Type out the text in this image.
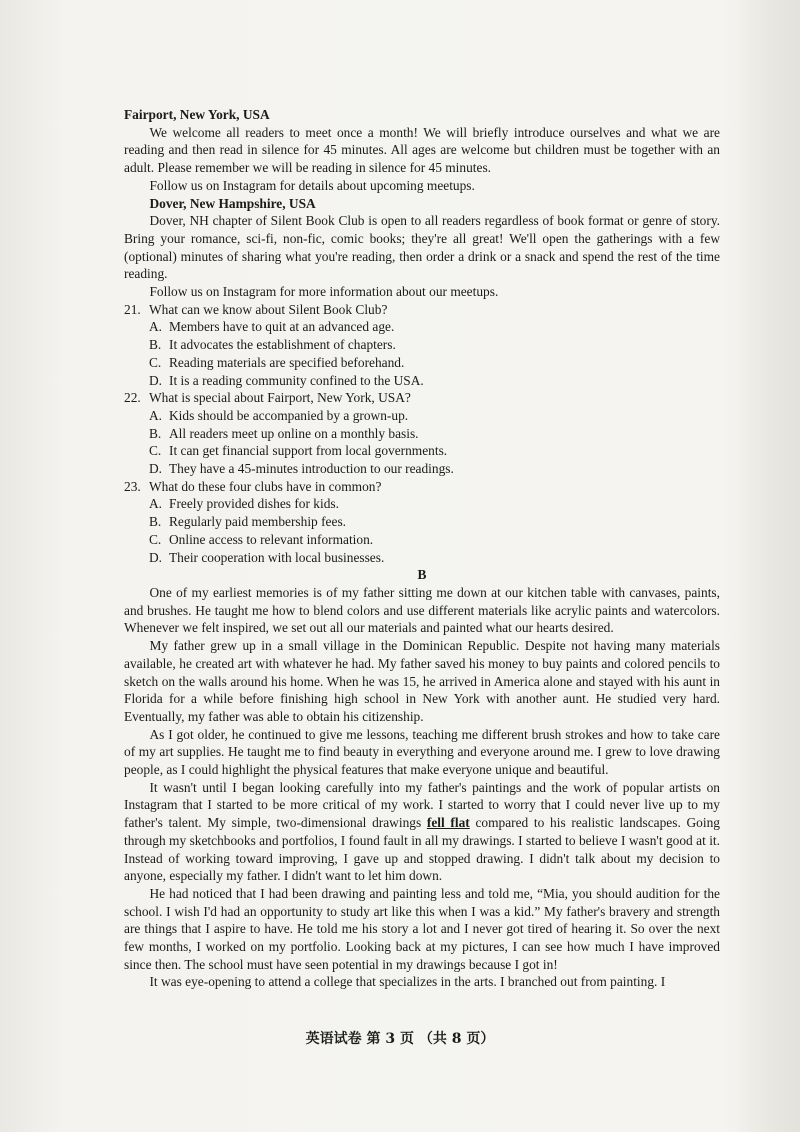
Fairport, New York, USA

We welcome all readers to meet once a month! We will briefly introduce ourselves and what we are reading and then read in silence for 45 minutes. All ages are welcome but children must be together with an adult. Please remember we will be reading in silence for 45 minutes.

Follow us on Instagram for details about upcoming meetups.

Dover, New Hampshire, USA

Dover, NH chapter of Silent Book Club is open to all readers regardless of book format or genre of story. Bring your romance, sci-fi, non-fic, comic books; they're all great! We'll open the gatherings with a few (optional) minutes of sharing what you're reading, then order a drink or a snack and spend the rest of the time reading.

Follow us on Instagram for more information about our meetups.

21. What can we know about Silent Book Club?

A. Members have to quit at an advanced age.

B. It advocates the establishment of chapters.

C. Reading materials are specified beforehand.

D. It is a reading community confined to the USA.

22. What is special about Fairport, New York, USA?

A. Kids should be accompanied by a grown-up.

B. All readers meet up online on a monthly basis.

C. It can get financial support from local governments.

D. They have a 45-minutes introduction to our readings.

23. What do these four clubs have in common?

A. Freely provided dishes for kids.

B. Regularly paid membership fees.

C. Online access to relevant information.

D. Their cooperation with local businesses.

B

One of my earliest memories is of my father sitting me down at our kitchen table with canvases, paints, and brushes. He taught me how to blend colors and use different materials like acrylic paints and watercolors. Whenever we felt inspired, we set out all our materials and painted what our hearts desired.

My father grew up in a small village in the Dominican Republic. Despite not having many materials available, he created art with whatever he had. My father saved his money to buy paints and colored pencils to sketch on the walls around his home. When he was 15, he arrived in America alone and stayed with his aunt in Florida for a while before finishing high school in New York with another aunt. He studied very hard. Eventually, my father was able to obtain his citizenship.

As I got older, he continued to give me lessons, teaching me different brush strokes and how to take care of my art supplies. He taught me to find beauty in everything and everyone around me. I grew to love drawing people, as I could highlight the physical features that make everyone unique and beautiful.

It wasn't until I began looking carefully into my father's paintings and the work of popular artists on Instagram that I started to be more critical of my work. I started to worry that I could never live up to my father's talent. My simple, two-dimensional drawings fell flat compared to his realistic landscapes. Going through my sketchbooks and portfolios, I found fault in all my drawings. I started to believe I wasn't good at it. Instead of working toward improving, I gave up and stopped drawing. I didn't talk about my decision to anyone, especially my father. I didn't want to let him down.

He had noticed that I had been drawing and painting less and told me, “Mia, you should audition for the school. I wish I'd had an opportunity to study art like this when I was a kid.” My father's bravery and strength are things that I aspire to have. He told me his story a lot and I never got tired of hearing it. So over the next few months, I worked on my portfolio. Looking back at my pictures, I can see how much I have improved since then. The school must have seen potential in my drawings because I got in!

It was eye-opening to attend a college that specializes in the arts. I branched out from painting. I

英语试卷 第 3 页 （共 8 页）
